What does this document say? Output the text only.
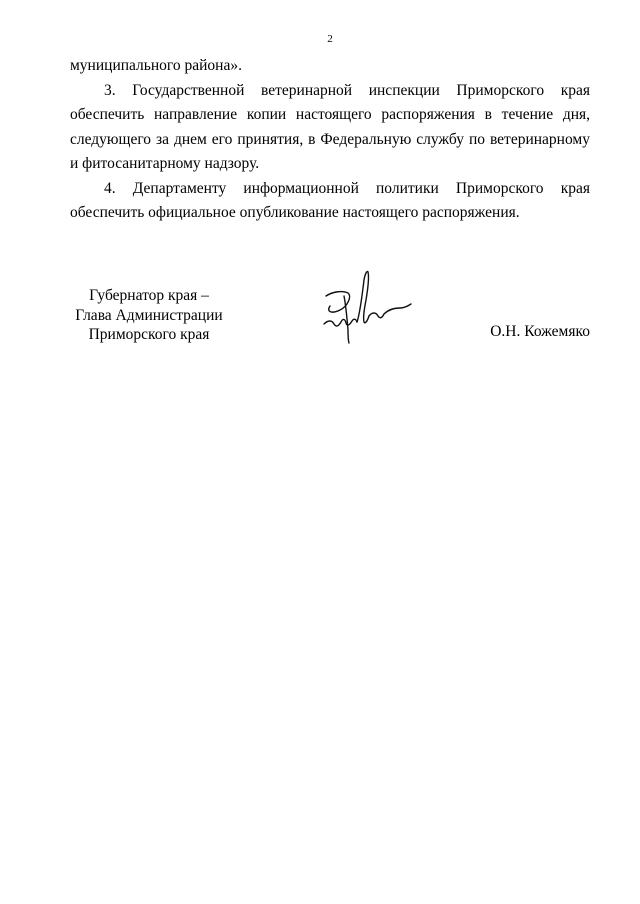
2

муниципального района».

3. Государственной ветеринарной инспекции Приморского края обеспечить направление копии настоящего распоряжения в течение дня, следующего за днем его принятия, в Федеральную службу по ветеринарному и фитосанитарному надзору.

4. Департаменту информационной политики Приморского края обеспечить официальное опубликование настоящего распоряжения.

Губернатор края –
Глава Администрации
Приморского края	О.Н. Кожемяко
